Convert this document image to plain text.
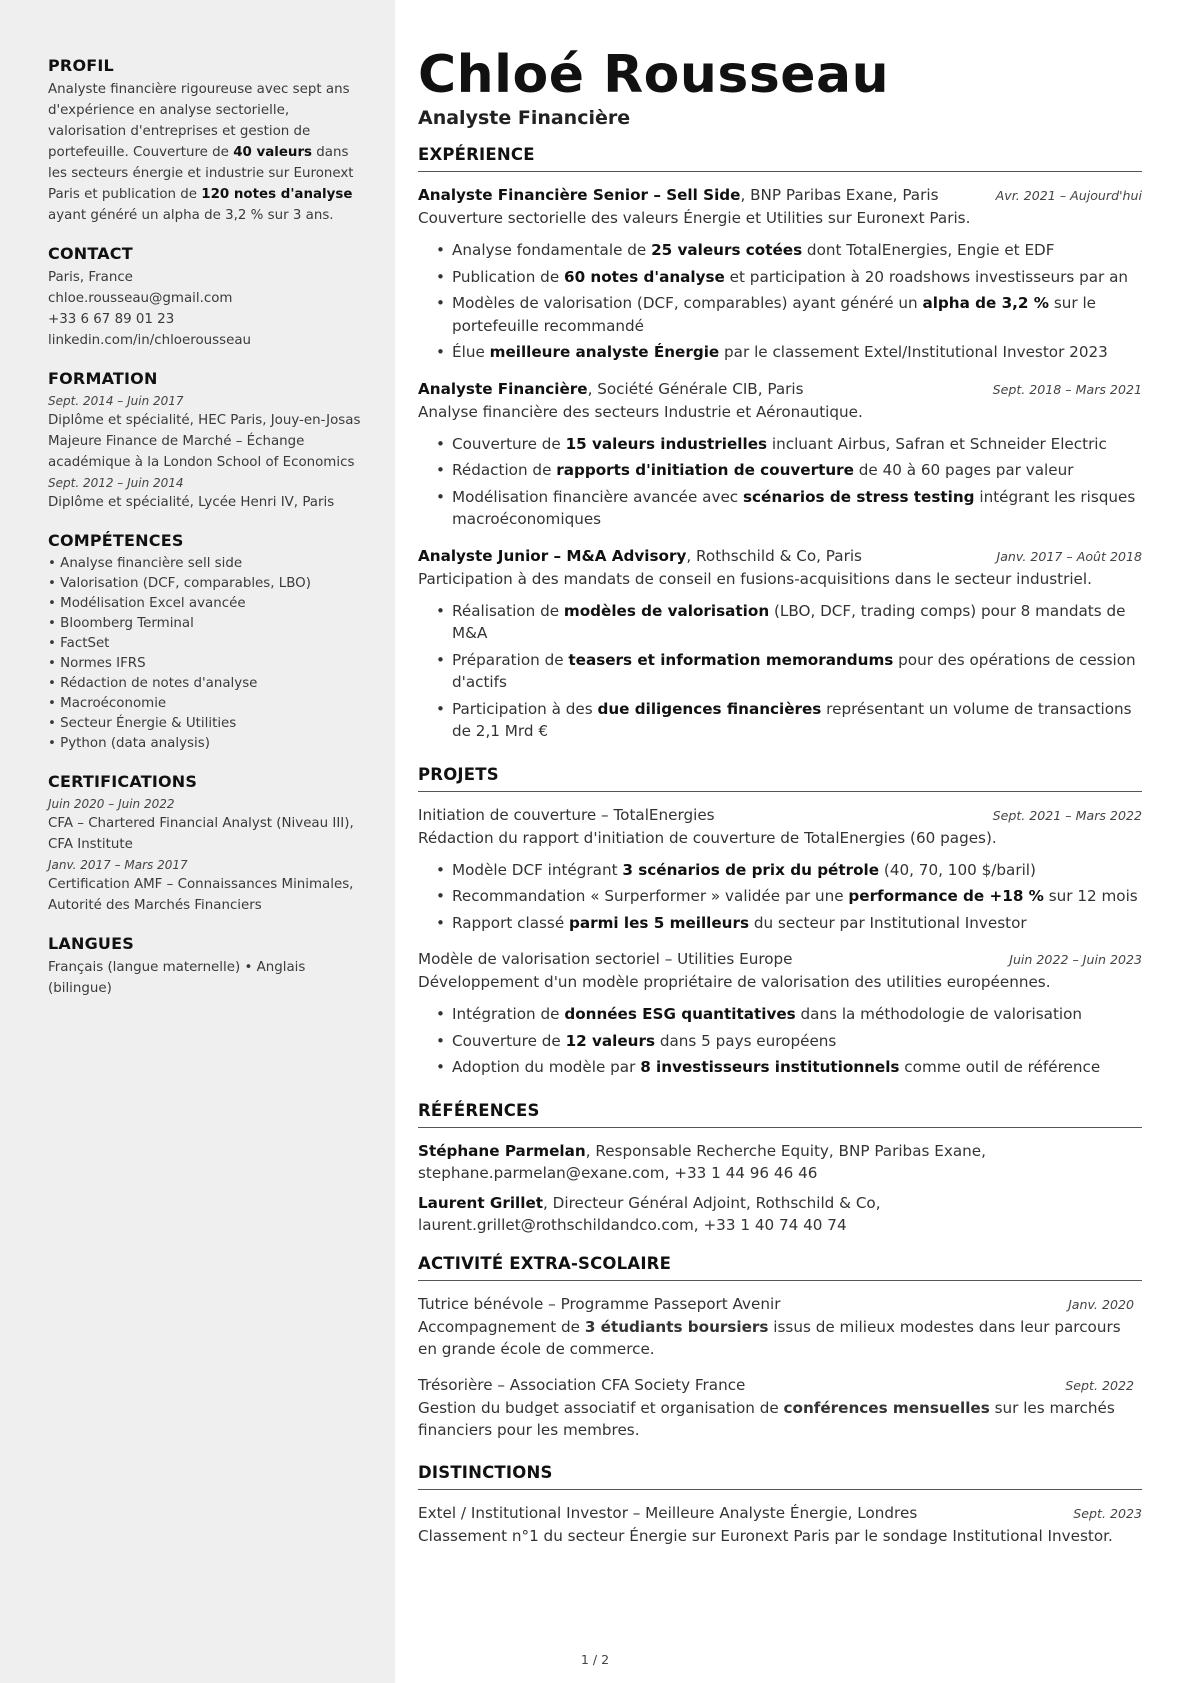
PROFIL
Analyste financière rigoureuse avec sept ans d'expérience en analyse sectorielle, valorisation d'entreprises et gestion de portefeuille. Couverture de 40 valeurs dans les secteurs énergie et industrie sur Euronext Paris et publication de 120 notes d'analyse ayant généré un alpha de 3,2 % sur 3 ans.
CONTACT
Paris, France
chloe.rousseau@gmail.com
+33 6 67 89 01 23
linkedin.com/in/chloerousseau
FORMATION
Sept. 2014 – Juin 2017
Diplôme et spécialité, HEC Paris, Jouy-en-Josas
Majeure Finance de Marché – Échange académique à la London School of Economics
Sept. 2012 – Juin 2014
Diplôme et spécialité, Lycée Henri IV, Paris
COMPÉTENCES
• Analyse financière sell side
• Valorisation (DCF, comparables, LBO)
• Modélisation Excel avancée
• Bloomberg Terminal
• FactSet
• Normes IFRS
• Rédaction de notes d'analyse
• Macroéconomie
• Secteur Énergie & Utilities
• Python (data analysis)
CERTIFICATIONS
Juin 2020 – Juin 2022
CFA – Chartered Financial Analyst (Niveau III), CFA Institute
Janv. 2017 – Mars 2017
Certification AMF – Connaissances Minimales, Autorité des Marchés Financiers
LANGUES
Français (langue maternelle) • Anglais (bilingue)
Chloé Rousseau
Analyste Financière
EXPÉRIENCE
Analyste Financière Senior – Sell Side, BNP Paribas Exane, Paris	Avr. 2021 – Aujourd'hui
Couverture sectorielle des valeurs Énergie et Utilities sur Euronext Paris.
• Analyse fondamentale de 25 valeurs cotées dont TotalEnergies, Engie et EDF
• Publication de 60 notes d'analyse et participation à 20 roadshows investisseurs par an
• Modèles de valorisation (DCF, comparables) ayant généré un alpha de 3,2 % sur le portefeuille recommandé
• Élue meilleure analyste Énergie par le classement Extel/Institutional Investor 2023
Analyste Financière, Société Générale CIB, Paris	Sept. 2018 – Mars 2021
Analyse financière des secteurs Industrie et Aéronautique.
• Couverture de 15 valeurs industrielles incluant Airbus, Safran et Schneider Electric
• Rédaction de rapports d'initiation de couverture de 40 à 60 pages par valeur
• Modélisation financière avancée avec scénarios de stress testing intégrant les risques macroéconomiques
Analyste Junior – M&A Advisory, Rothschild & Co, Paris	Janv. 2017 – Août 2018
Participation à des mandats de conseil en fusions-acquisitions dans le secteur industriel.
• Réalisation de modèles de valorisation (LBO, DCF, trading comps) pour 8 mandats de M&A
• Préparation de teasers et information memorandums pour des opérations de cession d'actifs
• Participation à des due diligences financières représentant un volume de transactions de 2,1 Mrd €
PROJETS
Initiation de couverture – TotalEnergies	Sept. 2021 – Mars 2022
Rédaction du rapport d'initiation de couverture de TotalEnergies (60 pages).
• Modèle DCF intégrant 3 scénarios de prix du pétrole (40, 70, 100 $/baril)
• Recommandation « Surperformer » validée par une performance de +18 % sur 12 mois
• Rapport classé parmi les 5 meilleurs du secteur par Institutional Investor
Modèle de valorisation sectoriel – Utilities Europe	Juin 2022 – Juin 2023
Développement d'un modèle propriétaire de valorisation des utilities européennes.
• Intégration de données ESG quantitatives dans la méthodologie de valorisation
• Couverture de 12 valeurs dans 5 pays européens
• Adoption du modèle par 8 investisseurs institutionnels comme outil de référence
RÉFÉRENCES
Stéphane Parmelan, Responsable Recherche Equity, BNP Paribas Exane, stephane.parmelan@exane.com, +33 1 44 96 46 46
Laurent Grillet, Directeur Général Adjoint, Rothschild & Co, laurent.grillet@rothschildandco.com, +33 1 40 74 40 74
ACTIVITÉ EXTRA-SCOLAIRE
Tutrice bénévole – Programme Passeport Avenir	Janv. 2020
Accompagnement de 3 étudiants boursiers issus de milieux modestes dans leur parcours en grande école de commerce.
Trésorière – Association CFA Society France	Sept. 2022
Gestion du budget associatif et organisation de conférences mensuelles sur les marchés financiers pour les membres.
DISTINCTIONS
Extel / Institutional Investor – Meilleure Analyste Énergie, Londres	Sept. 2023
Classement n°1 du secteur Énergie sur Euronext Paris par le sondage Institutional Investor.
1 / 2
